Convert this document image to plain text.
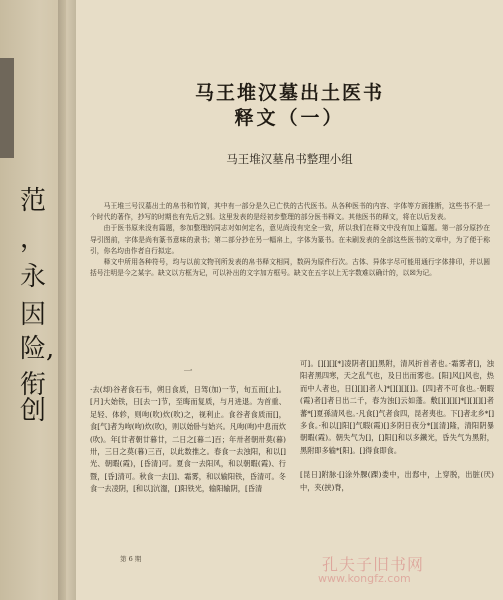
范
，
永
因
险,
衔创
马王堆汉墓出土医书
释文（一）
马王堆汉墓帛书整理小组

马王堆三号汉墓出土的帛书和竹简，其中有一部分是久已亡佚的古代医书。从各种医书的内容、字体等方面推断，这些书不是一个时代的著作，抄写的时期也有先后之别。这里发表的是经初步整理的部分医书释文。其他医书的释文，将在以后发表。

由于医书原来没有篇题，参加整理的同志对如何定名，意见尚没有完全一致，所以我们在释文中没有加上篇题。第一部分原抄在导引图前，字体是尚有篆书意味的隶书；第二部分抄在另一幅帛上，字体为篆书。在未刷发表的全部这些医书的文章中，为了便于称引，你名均由作者自行拟定。

释文中所用各种符号，均与以前文物刊所发表的帛书释文相同，数码为原件行次。古体、异体字尽可能用通行字体排印，并以圆括号注明是今之某字。缺文以方框为记，可以补出的文字加方框号。缺文在五字以上无字数难以确计的，以☒为记。

一

·去(却)谷者食石韦，朔日食质，日驾(加)一节，旬五而[止]。[月]大始铁，日[去一]节，至晦而复质，与月进退。为首重、足轻、体轸，则呴(吹)炊(吹)之，视利止。食谷者食质而[]，食[气]者为呴(呴)炊(吹)，则以始卧与始兴。凡呴(呴)中息而炊(吹)。年[廿者朝廿暮廿，二日之[暮二]百；年卅者朝卅莫(暮)卅，三日之莫(暮)三百，以此数推之。春食一去浊阳，和以[]光、朝暇(霞)，[昏清]可。夏食一去阳风，和以朝暇(霞)、行暨，[昏]清可。秋食一去[]]、霜雾，和以输阳铁，昏清可。冬食一去凌阴，[和以]沆瀣，[]阳铁光，输阳输阴，[昏清

可]。[][][][*]凌阴者[][]黑附，清风折首者也。·霜雾者[]，浊阳者黑四寒，天之乱气也，及日出而雾也。[阳]风[]风也，热而中人者也，日[][][]者人]*[][][][]]。[四]者不可食也。·朝暇(霞)者[]者日出二千，春为浊[]云如蓬。敷[][][][]*[][][][]者蕃*[]夏孫清风也。·凡食[]气者食四，昆者夷也。下[]者北乡*[]多食。·和以[]阳[]气暇(霞)[]多阴日夜分*[][清]隆，清阳阴暴朝暇(霞)。朝失气为[]，[]阳[]和以多鐵光，昏失气为黑附，黑附即多输*[阳]。[]得食即食。

[昆日]附脉·[]涂外腂(踝)娄中，出郄中，上穿脱，出脏(厌)中，夹(挟)脊，

第 6 期	孔夫子旧书网
www.kongfz.com
